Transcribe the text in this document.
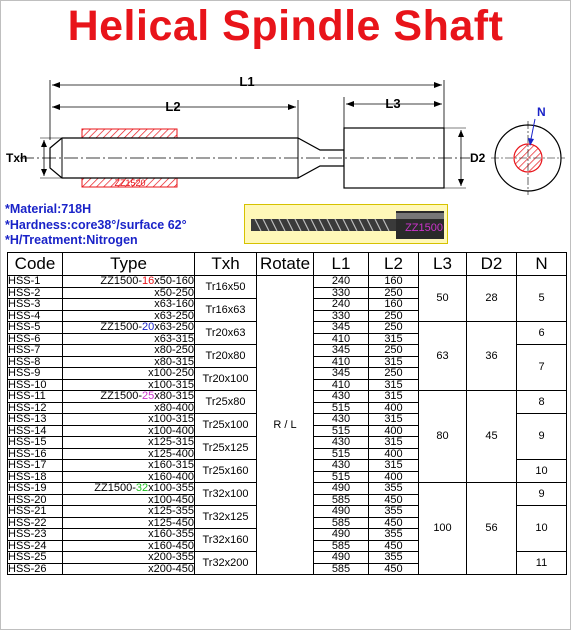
Helical Spindle Shaft
L1
L2	L3
ZZ1520
Txh	D2
N
*Material:718H
*Hardness:core38°/surface 62°
*H/Treatment:Nitrogen
ZZ1500
Code	Type	Txh	Rotate	L1	L2	L3	D2	N
HSS-1	ZZ1500-16x50-160	Tr16x50	R / L	240	160	50	28	5
HSS-2	x50-250			330	250			
HSS-3	x63-160	Tr16x63		240	160			
HSS-4	x63-250			330	250			
HSS-5	ZZ1500-20x63-250	Tr20x63		345	250	63	36	6
HSS-6	x63-315			410	315			
HSS-7	x80-250	Tr20x80		345	250			7
HSS-8	x80-315			410	315			
HSS-9	x100-250	Tr20x100		345	250			
HSS-10	x100-315			410	315			
HSS-11	ZZ1500-25x80-315	Tr25x80		430	315	80	45	8
HSS-12	x80-400			515	400			
HSS-13	x100-315	Tr25x100		430	315			9
HSS-14	x100-400			515	400			
HSS-15	x125-315	Tr25x125		430	315			
HSS-16	x125-400			515	400			
HSS-17	x160-315	Tr25x160		430	315			10
HSS-18	x160-400			515	400			
HSS-19	ZZ1500-32x100-355	Tr32x100		490	355	100	56	9
HSS-20	x100-450			585	450			
HSS-21	x125-355	Tr32x125		490	355			10
HSS-22	x125-450			585	450			
HSS-23	x160-355	Tr32x160		490	355			
HSS-24	x160-450			585	450			
HSS-25	x200-355	Tr32x200		490	355			11
HSS-26	x200-450			585	450			
